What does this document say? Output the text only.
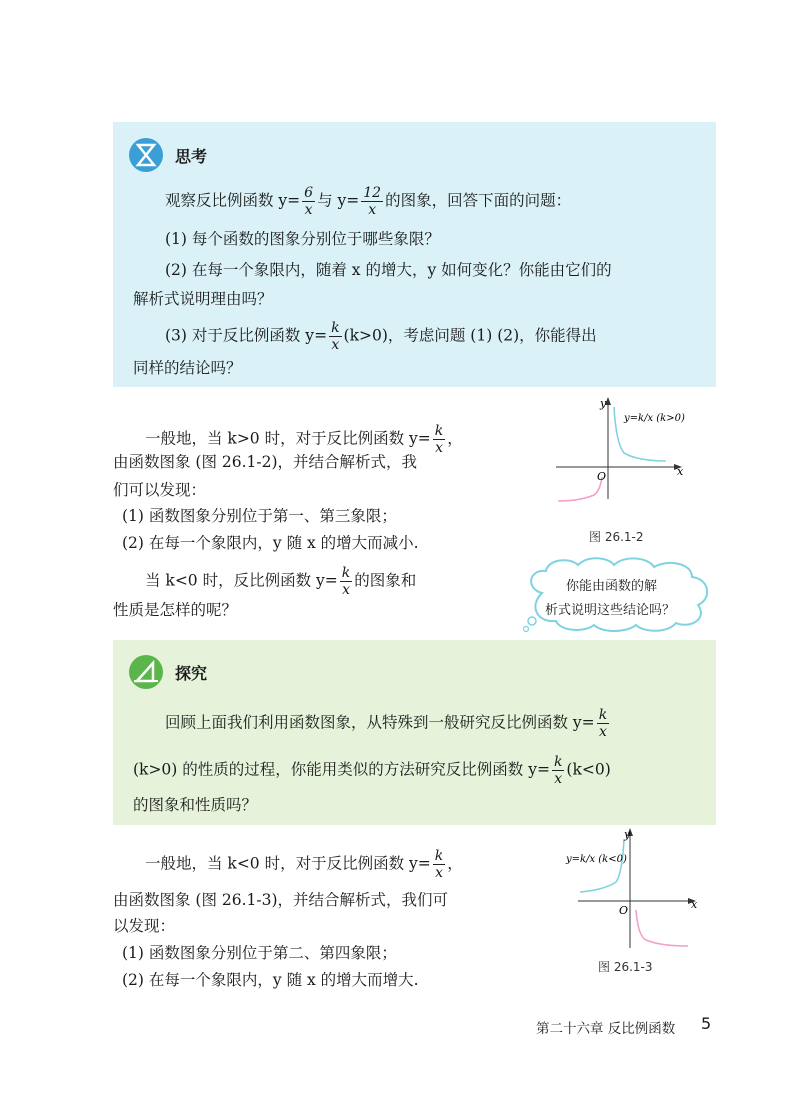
思考
观察反比例函数 $y= \frac{6}{x}$ 与 $y= \frac{12}{x}$ 的图象，回答下面的问题：
(1) 每个函数的图象分别位于哪些象限？
(2) 在每一个象限内，随着 x 的增大，y 如何变化？你能由它们的
解析式说明理由吗？
(3) 对于反比例函数 $y= \frac{k}{x} (k>0)$，考虑问题 (1) (2)，你能得出
同样的结论吗？
一般地，当 k>0 时，对于反比例函数 $y= \frac{k}{x}$ ，
由函数图象 (图 26.1-2)，并结合解析式，我
们可以发现：
(1) 函数图象分别位于第一、第三象限；
(2) 在每一个象限内，y 随 x 的增大而减小.
当 k<0 时，反比例函数 $y= \frac{k}{x}$ 的图象和
性质是怎样的呢？
y
x
O
y=k/x (k>0)
图 26.1-2
你能由函数的解
析式说明这些结论吗？
探究
回顾上面我们利用函数图象，从特殊到一般研究反比例函数 $y= \frac{k}{x}$
(k>0) 的性质的过程，你能用类似的方法研究反比例函数 $y= \frac{k}{x} (k<0)$
的图象和性质吗？
一般地，当 k<0 时，对于反比例函数 $y= \frac{k}{x}$ ，
由函数图象 (图 26.1-3)，并结合解析式，我们可
以发现：
(1) 函数图象分别位于第二、第四象限；
(2) 在每一个象限内，y 随 x 的增大而增大.
y
x
O
y=k/x (k<0)
图 26.1-3
第二十六章 反比例函数 5
